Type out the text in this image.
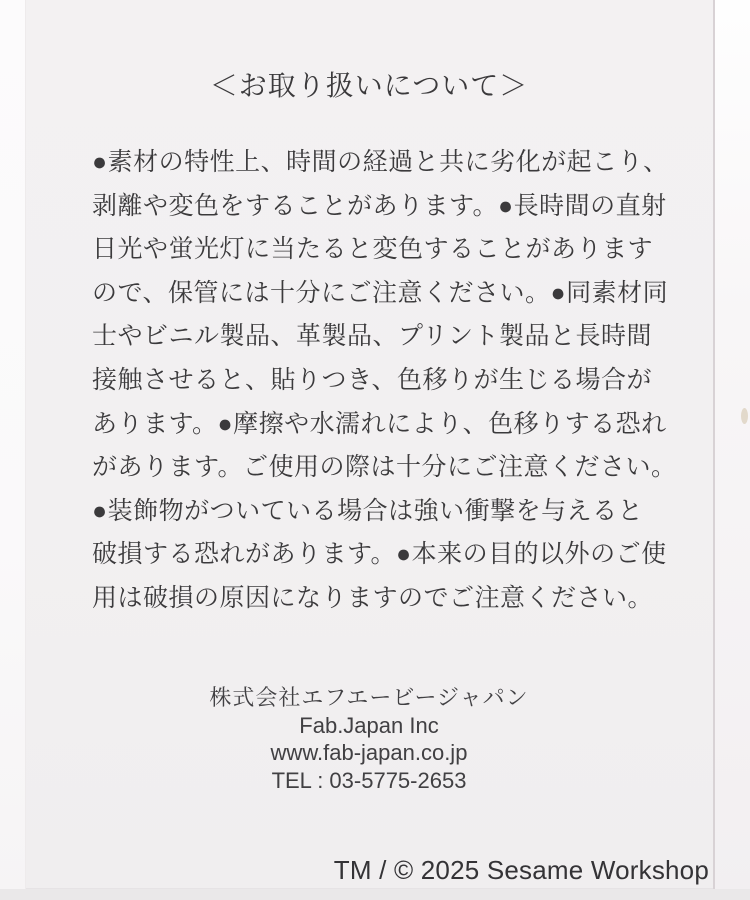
＜お取り扱いについて＞
●素材の特性上、時間の経過と共に劣化が起こり、
剥離や変色をすることがあります。●長時間の直射
日光や蛍光灯に当たると変色することがあります
ので、保管には十分にご注意ください。●同素材同
士やビニル製品、革製品、プリント製品と長時間
接触させると、貼りつき、色移りが生じる場合が
あります。●摩擦や水濡れにより、色移りする恐れ
があります。ご使用の際は十分にご注意ください。
●装飾物がついている場合は強い衝撃を与えると
破損する恐れがあります。●本来の目的以外のご使
用は破損の原因になりますのでご注意ください。
株式会社エフエービージャパン
Fab.Japan Inc
www.fab-japan.co.jp
TEL : 03-5775-2653
TM / © 2025 Sesame Workshop
